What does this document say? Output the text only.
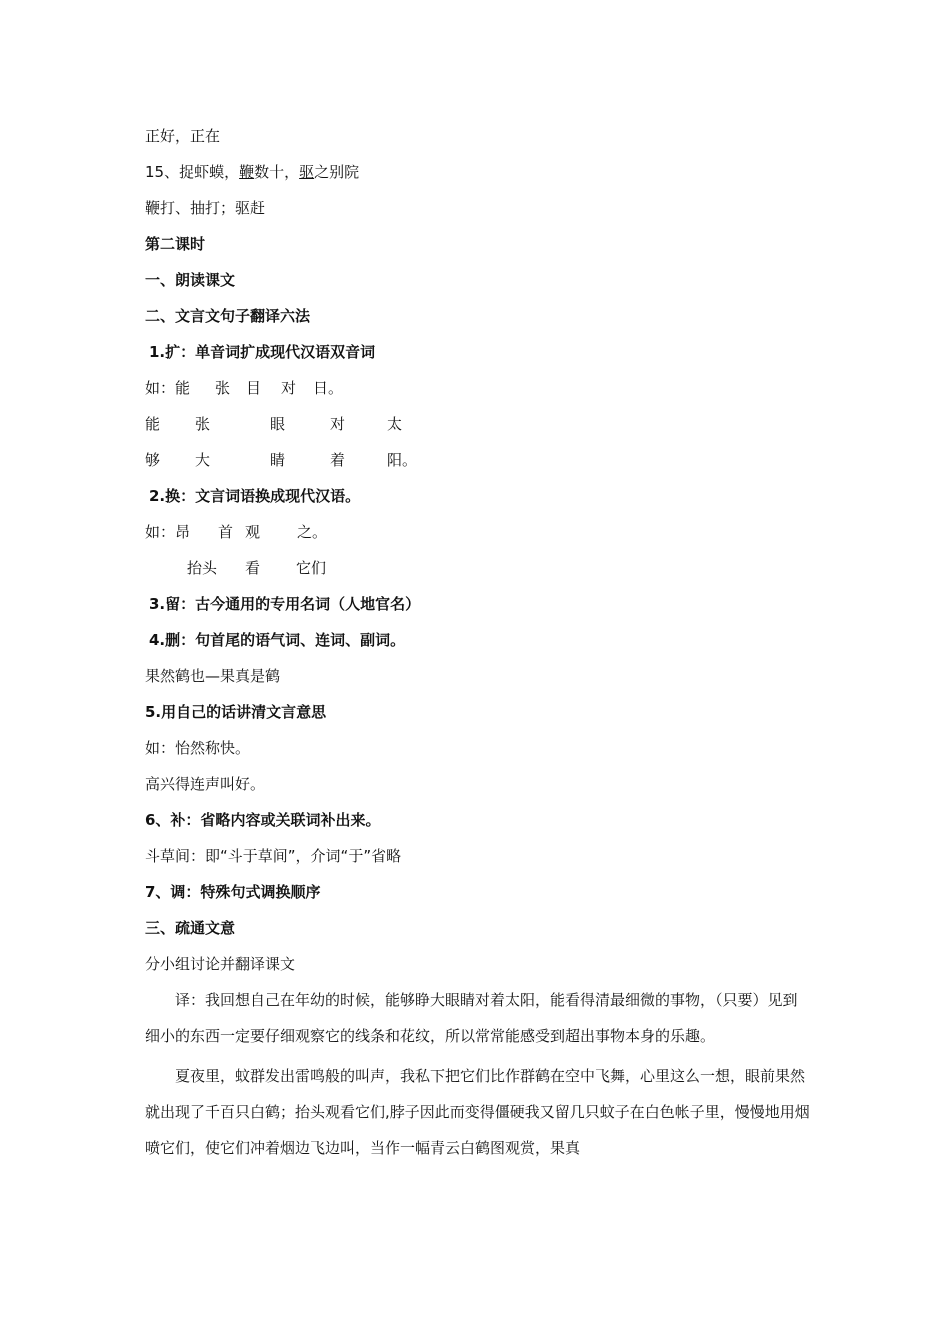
正好，正在
15、捉虾蟆，鞭数十，驱之别院
鞭打、抽打；驱赶
第二课时
一、朗读课文
二、文言文句子翻译六法
1.扩：单音词扩成现代汉语双音词
如：能	张	目	对	日。
能	张	眼	对	太
够	大	睛	着	阳。
2.换：文言词语换成现代汉语。
如：昂	首 观	之。
抬头	看	它们
3.留：古今通用的专用名词（人地官名）
4.删：句首尾的语气词、连词、副词。
果然鹤也—果真是鹤
5.用自己的话讲清文言意思
如：怡然称快。
高兴得连声叫好。
6、补：省略内容或关联词补出来。
斗草间：即“斗于草间”，介词“于”省略
7、调：特殊句式调换顺序
三、疏通文意
分小组讨论并翻译课文

译：我回想自己在年幼的时候，能够睁大眼睛对着太阳，能看得清最细微的事物，（只要）见到细小的东西一定要仔细观察它的线条和花纹，所以常常能感受到超出事物本身的乐趣。

夏夜里，蚊群发出雷鸣般的叫声，我私下把它们比作群鹤在空中飞舞，心里这么一想，眼前果然就出现了千百只白鹤；抬头观看它们,脖子因此而变得僵硬我又留几只蚊子在白色帐子里，慢慢地用烟喷它们，使它们冲着烟边飞边叫，当作一幅青云白鹤图观赏，果真
